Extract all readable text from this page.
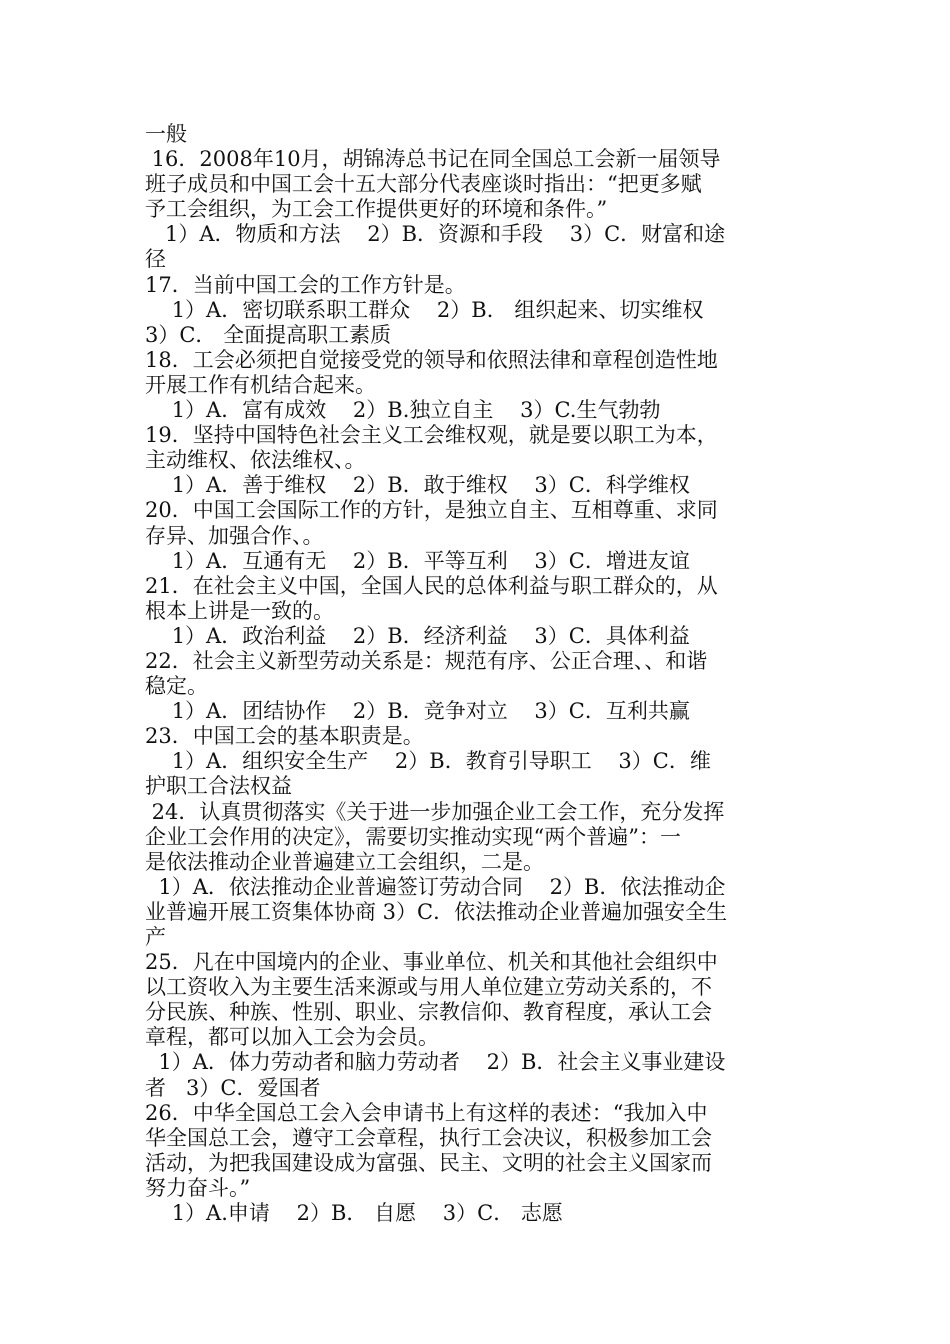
一般
16．2008年10月，胡锦涛总书记在同全国总工会新一届领导
班子成员和中国工会十五大部分代表座谈时指出：“把更多赋
予工会组织，为工会工作提供更好的环境和条件。”
1）A．物质和方法    2）B．资源和手段    3）C．财富和途
径
17．当前中国工会的工作方针是。
1）A．密切联系职工群众    2）B． 组织起来、切实维权
3）C． 全面提高职工素质
18．工会必须把自觉接受党的领导和依照法律和章程创造性地
开展工作有机结合起来。
1）A．富有成效    2）B.独立自主    3）C.生气勃勃
19．坚持中国特色社会主义工会维权观，就是要以职工为本，
主动维权、依法维权、。
1）A．善于维权    2）B．敢于维权    3）C．科学维权
20．中国工会国际工作的方针，是独立自主、互相尊重、求同
存异、加强合作、。
1）A．互通有无    2）B．平等互利    3）C．增进友谊
21．在社会主义中国，全国人民的总体利益与职工群众的，从
根本上讲是一致的。
1）A．政治利益    2）B．经济利益    3）C．具体利益
22．社会主义新型劳动关系是：规范有序、公正合理、、和谐
稳定。
1）A．团结协作    2）B．竞争对立    3）C．互利共赢
23．中国工会的基本职责是。
1）A．组织安全生产    2）B．教育引导职工    3）C．维
护职工合法权益
24．认真贯彻落实《关于进一步加强企业工会工作，充分发挥
企业工会作用的决定》，需要切实推动实现“两个普遍”：一
是依法推动企业普遍建立工会组织，二是。
1）A．依法推动企业普遍签订劳动合同    2）B．依法推动企
业普遍开展工资集体协商 3）C．依法推动企业普遍加强安全生
产
25．凡在中国境内的企业、事业单位、机关和其他社会组织中
以工资收入为主要生活来源或与用人单位建立劳动关系的，不
分民族、种族、性别、职业、宗教信仰、教育程度，承认工会
章程，都可以加入工会为会员。
1）A．体力劳动者和脑力劳动者    2）B．社会主义事业建设
者   3）C．爱国者
26．中华全国总工会入会申请书上有这样的表述：“我加入中
华全国总工会，遵守工会章程，执行工会决议，积极参加工会
活动，为把我国建设成为富强、民主、文明的社会主义国家而
努力奋斗。”
1）A.申请    2）B． 自愿    3）C． 志愿
